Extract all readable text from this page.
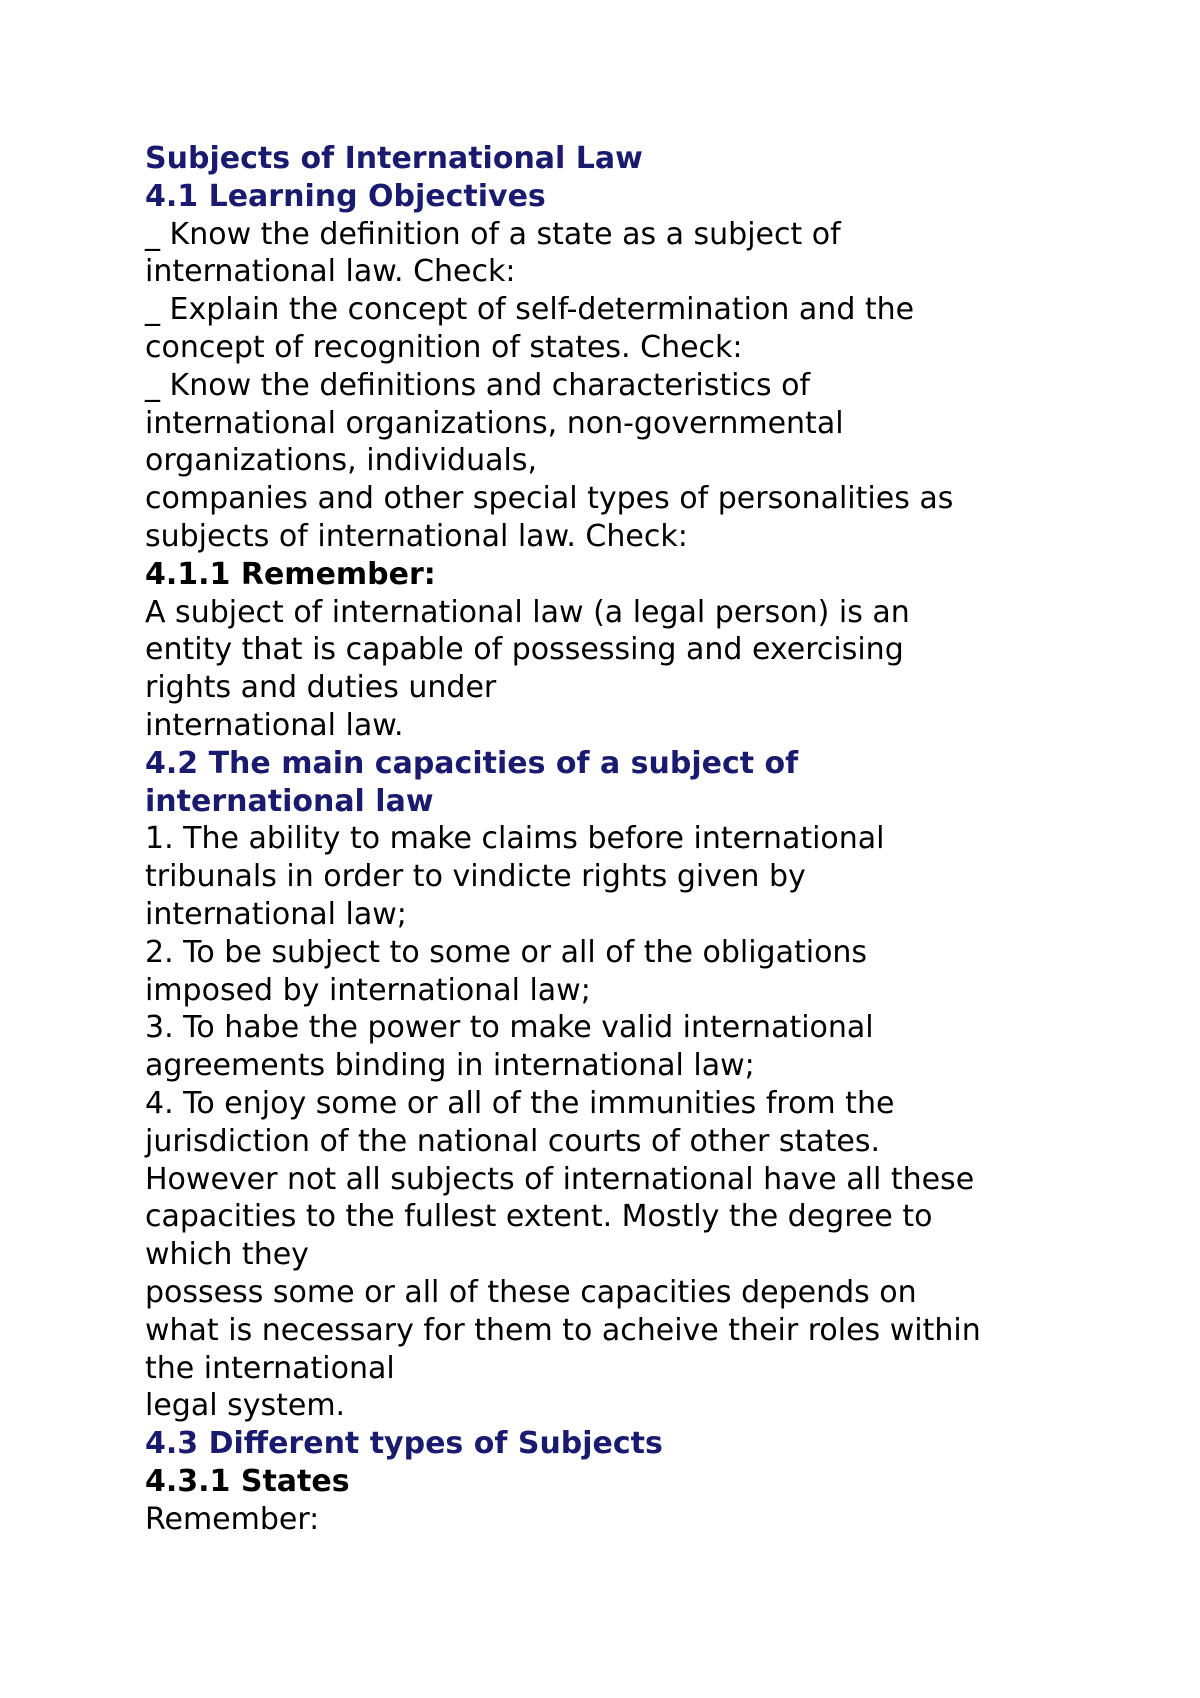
Subjects of International Law

4.1 Learning Objectives

_ Know the definition of a state as a subject of

international law. Check:

_ Explain the concept of self-determination and the

concept of recognition of states. Check:

_ Know the definitions and characteristics of

international organizations, non-governmental

organizations, individuals,

companies and other special types of personalities as

subjects of international law. Check:

4.1.1 Remember:

A subject of international law (a legal person) is an

entity that is capable of possessing and exercising

rights and duties under

international law.

4.2 The main capacities of a subject of

international law

1. The ability to make claims before international

tribunals in order to vindicte rights given by

international law;

2. To be subject to some or all of the obligations

imposed by international law;

3. To habe the power to make valid international

agreements binding in international law;

4. To enjoy some or all of the immunities from the

jurisdiction of the national courts of other states.

However not all subjects of international have all these

capacities to the fullest extent. Mostly the degree to

which they

possess some or all of these capacities depends on

what is necessary for them to acheive their roles within

the international

legal system.

4.3 Different types of Subjects

4.3.1 States

Remember:
